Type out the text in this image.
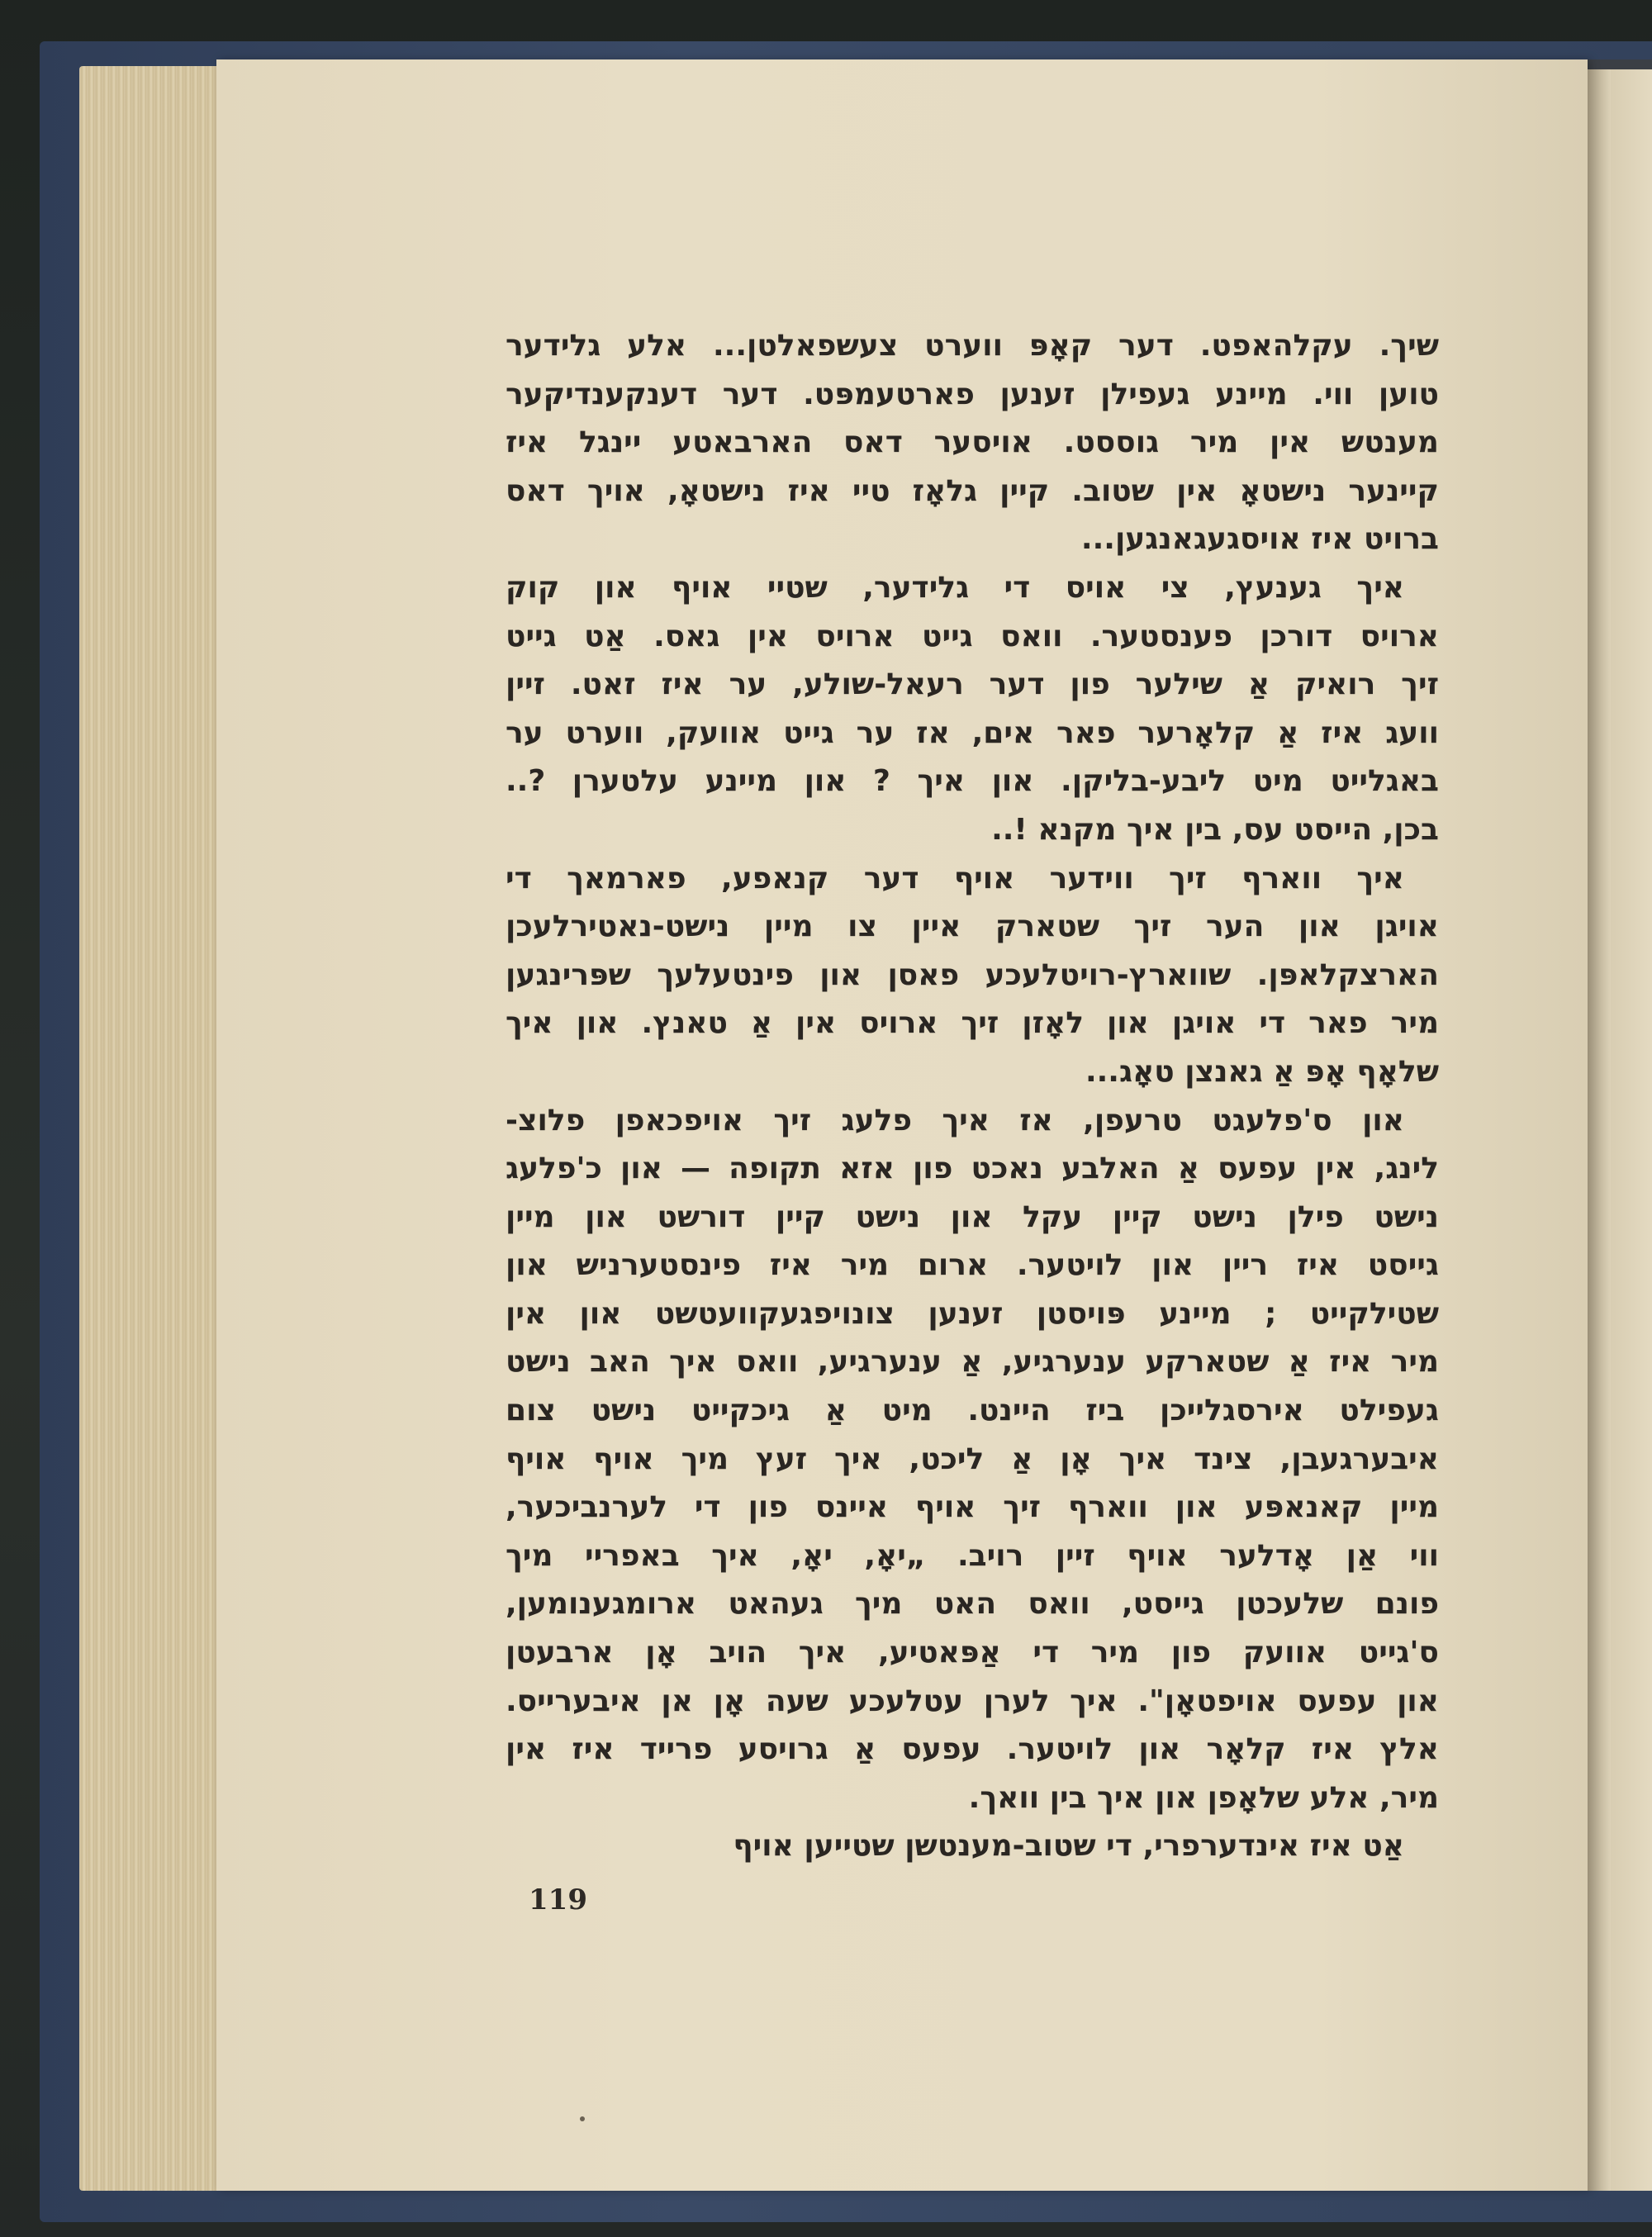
שיך. עקלהאפט. דער קאָפּ ווערט צעשפאלטן... אלע גלידער
טוען ווי. מיינע געפילן זענען פארטעמפּט. דער דענקענדיקער
מענטש אין מיר גוססט. אויסער דאס הארבאטע יינגל איז
קיינער נישטאָ אין שטוב. קיין גלאָז טיי איז נישטאָ, אויך דאס
ברויט איז אויסגעגאנגען...

איך גענעץ, צי אויס די גלידער, שטיי אויף און קוק
ארויס דורכן פענסטער. וואס גייט ארויס אין גאס. אַט גייט
זיך רואיק אַ שילער פון דער רעאל-שולע, ער איז זאט. זיין
וועג איז אַ קלאָרער פאר אים, אז ער גייט אוועק, ווערט ער
באגלייט מיט ליבע-בליקן. און איך ? און מיינע עלטערן ?..
בכן, הייסט עס, בין איך מקנא !..

איך ווארף זיך ווידער אויף דער קנאפע, פארמאך די
אויגן און הער זיך שטארק איין צו מיין נישט-נאטירלעכן
הארצקלאפּן. שווארץ-רויטלעכע פאסן און פינטעלעך שפּרינגען
מיר פאר די אויגן און לאָזן זיך ארויס אין אַ טאנץ. און איך
שלאָף אָפּ אַ גאנצן טאָג...

און ס'פלעגט טרעפן, אז איך פלעג זיך אויפכאפן פלוצ-
לינג, אין עפעס אַ האלבע נאכט פון אזא תקופה — און כ'פלעג
נישט פילן נישט קיין עקל און נישט קיין דורשט און מיין
גייסט איז ריין און לויטער. ארום מיר איז פינסטערניש און
שטילקייט ; מיינע פּויסטן זענען צונויפגעקוועטשט און אין
מיר איז אַ שטארקע ענערגיע, אַ ענערגיע, וואס איך האב נישט
געפילט אירסגלייכן ביז היינט. מיט אַ גיכקייט נישט צום
איבערגעבן, צינד איך אָן אַ ליכט, איך זעץ מיך אויף אויף
מיין קאנאפּע און ווארף זיך אויף איינס פון די לערנביכער,
ווי אַן אָדלער אויף זיין רויב. „יאָ, יאָ, איך באפריי מיך
פונם שלעכטן גייסט, וואס האט מיך געהאט ארומגענומען,
ס'גייט אוועק פון מיר די אַפּאטיע, איך הויב אָן ארבעטן
און עפעס אויפטאָן". איך לערן עטלעכע שעה אָן אן איבערייס.
אלץ איז קלאָר און לויטער. עפעס אַ גרויסע פרייד איז אין
מיר, אלע שלאָפן און איך בין וואך.

אַט איז אינדערפרי, די שטוב-מענטשן שטייען אויף

119
